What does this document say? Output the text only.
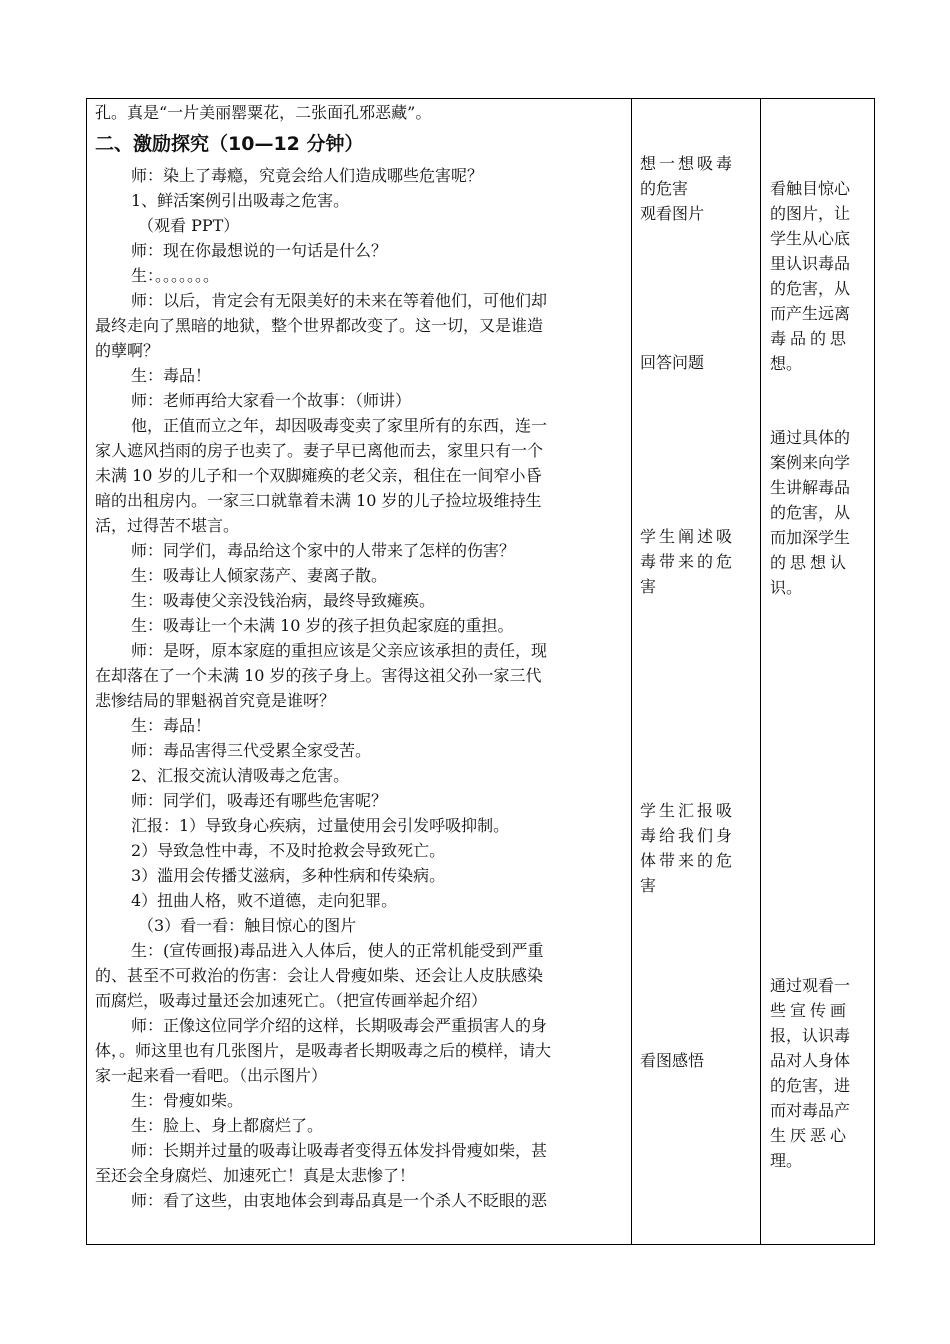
孔。真是“一片美丽罂粟花，二张面孔邪恶藏”。
二、激励探究（10—12 分钟）
师：染上了毒瘾，究竟会给人们造成哪些危害呢？
1、鲜活案例引出吸毒之危害。
（观看 PPT）
师：现在你最想说的一句话是什么？
生：。。。。。。。
师：以后，肯定会有无限美好的未来在等着他们，可他们却
最终走向了黑暗的地狱，整个世界都改变了。这一切，又是谁造
的孽啊？
生：毒品！
师：老师再给大家看一个故事：（师讲）
他，正值而立之年，却因吸毒变卖了家里所有的东西，连一
家人遮风挡雨的房子也卖了。妻子早已离他而去，家里只有一个
未满 10 岁的儿子和一个双脚瘫痪的老父亲，租住在一间窄小昏
暗的出租房内。一家三口就靠着未满 10 岁的儿子捡垃圾维持生
活，过得苦不堪言。
师：同学们，毒品给这个家中的人带来了怎样的伤害？
生：吸毒让人倾家荡产、妻离子散。
生：吸毒使父亲没钱治病，最终导致瘫痪。
生：吸毒让一个未满 10 岁的孩子担负起家庭的重担。
师：是呀，原本家庭的重担应该是父亲应该承担的责任，现
在却落在了一个未满 10 岁的孩子身上。害得这祖父孙一家三代
悲惨结局的罪魁祸首究竟是谁呀？
生：毒品！
师：毒品害得三代受累全家受苦。
2、汇报交流认清吸毒之危害。
师：同学们，吸毒还有哪些危害呢？
汇报：1）导致身心疾病，过量使用会引发呼吸抑制。
2）导致急性中毒，不及时抢救会导致死亡。
3）滥用会传播艾滋病，多种性病和传染病。
4）扭曲人格，败不道德，走向犯罪。
（3）看一看：触目惊心的图片
生：(宣传画报)毒品进入人体后，使人的正常机能受到严重
的、甚至不可救治的伤害：会让人骨瘦如柴、还会让人皮肤感染
而腐烂，吸毒过量还会加速死亡。（把宣传画举起介绍）
师：正像这位同学介绍的这样，长期吸毒会严重损害人的身
体，。师这里也有几张图片，是吸毒者长期吸毒之后的模样，请大
家一起来看一看吧。（出示图片）
生：骨瘦如柴。
生：脸上、身上都腐烂了。
师：长期并过量的吸毒让吸毒者变得五体发抖骨瘦如柴，甚
至还会全身腐烂、加速死亡！真是太悲惨了！
师：看了这些，由衷地体会到毒品真是一个杀人不眨眼的恶
想一想吸毒
的危害
观看图片
回答问题
学生阐述吸
毒带来的危
害
学生汇报吸
毒给我们身
体带来的危
害
看图感悟
看触目惊心
的图片，让
学生从心底
里认识毒品
的危害，从
而产生远离
毒品的思
想。
通过具体的
案例来向学
生讲解毒品
的危害，从
而加深学生
的思想认
识。
通过观看一
些宣传画
报，认识毒
品对人身体
的危害，进
而对毒品产
生厌恶心
理。
